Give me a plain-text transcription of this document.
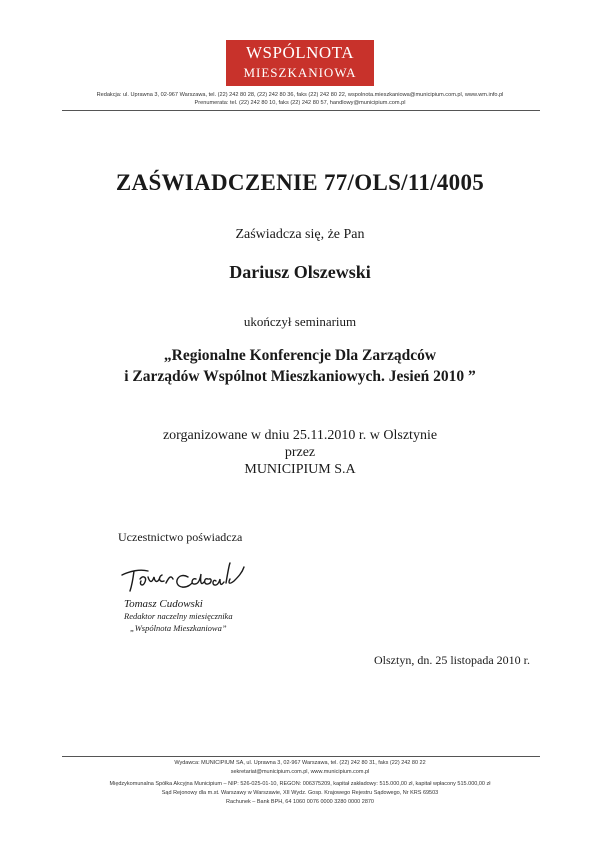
WSPÓLNOTA
MIESZKANIOWA
Redakcja: ul. Uprawna 3, 02-967 Warszawa, tel. (22) 242 80 28, (22) 242 80 36, faks (22) 242 80 22, wspolnota.mieszkaniowa@municipium.com.pl, www.wm.info.pl
Prenumerata: tel. (22) 242 80 10, faks (22) 242 80 57, handlowy@municipium.com.pl
ZAŚWIADCZENIE 77/OLS/11/4005
Zaświadcza się, że Pan
Dariusz Olszewski
ukończył seminarium
„Regionalne Konferencje Dla Zarządców
i Zarządów Wspólnot Mieszkaniowych. Jesień 2010 ”
zorganizowane w dniu 25.11.2010 r. w Olsztynie
przez
MUNICIPIUM S.A
Uczestnictwo poświadcza
Tomasz Cudowski
Redaktor naczelny miesięcznika
„Wspólnota Mieszkaniowa”
Olsztyn, dn. 25 listopada 2010 r.
Wydawca: MUNICIPIUM SA, ul. Uprawna 3, 02-967 Warszawa, tel. (22) 242 80 31, faks (22) 242 80 22
sekretariat@municipium.com.pl, www.municipium.com.pl
Międzykomunalna Spółka Akcyjna Municipium – NIP: 526-025-01-10, REGON: 006375209, kapitał zakładowy: 515.000,00 zł, kapitał wpłacony 515.000,00 zł
Sąd Rejonowy dla m.st. Warszawy w Warszawie, XII Wydz. Gosp. Krajowego Rejestru Sądowego, Nr KRS 69503
Rachunek – Bank BPH, 64 1060 0076 0000 3280 0000 2870
